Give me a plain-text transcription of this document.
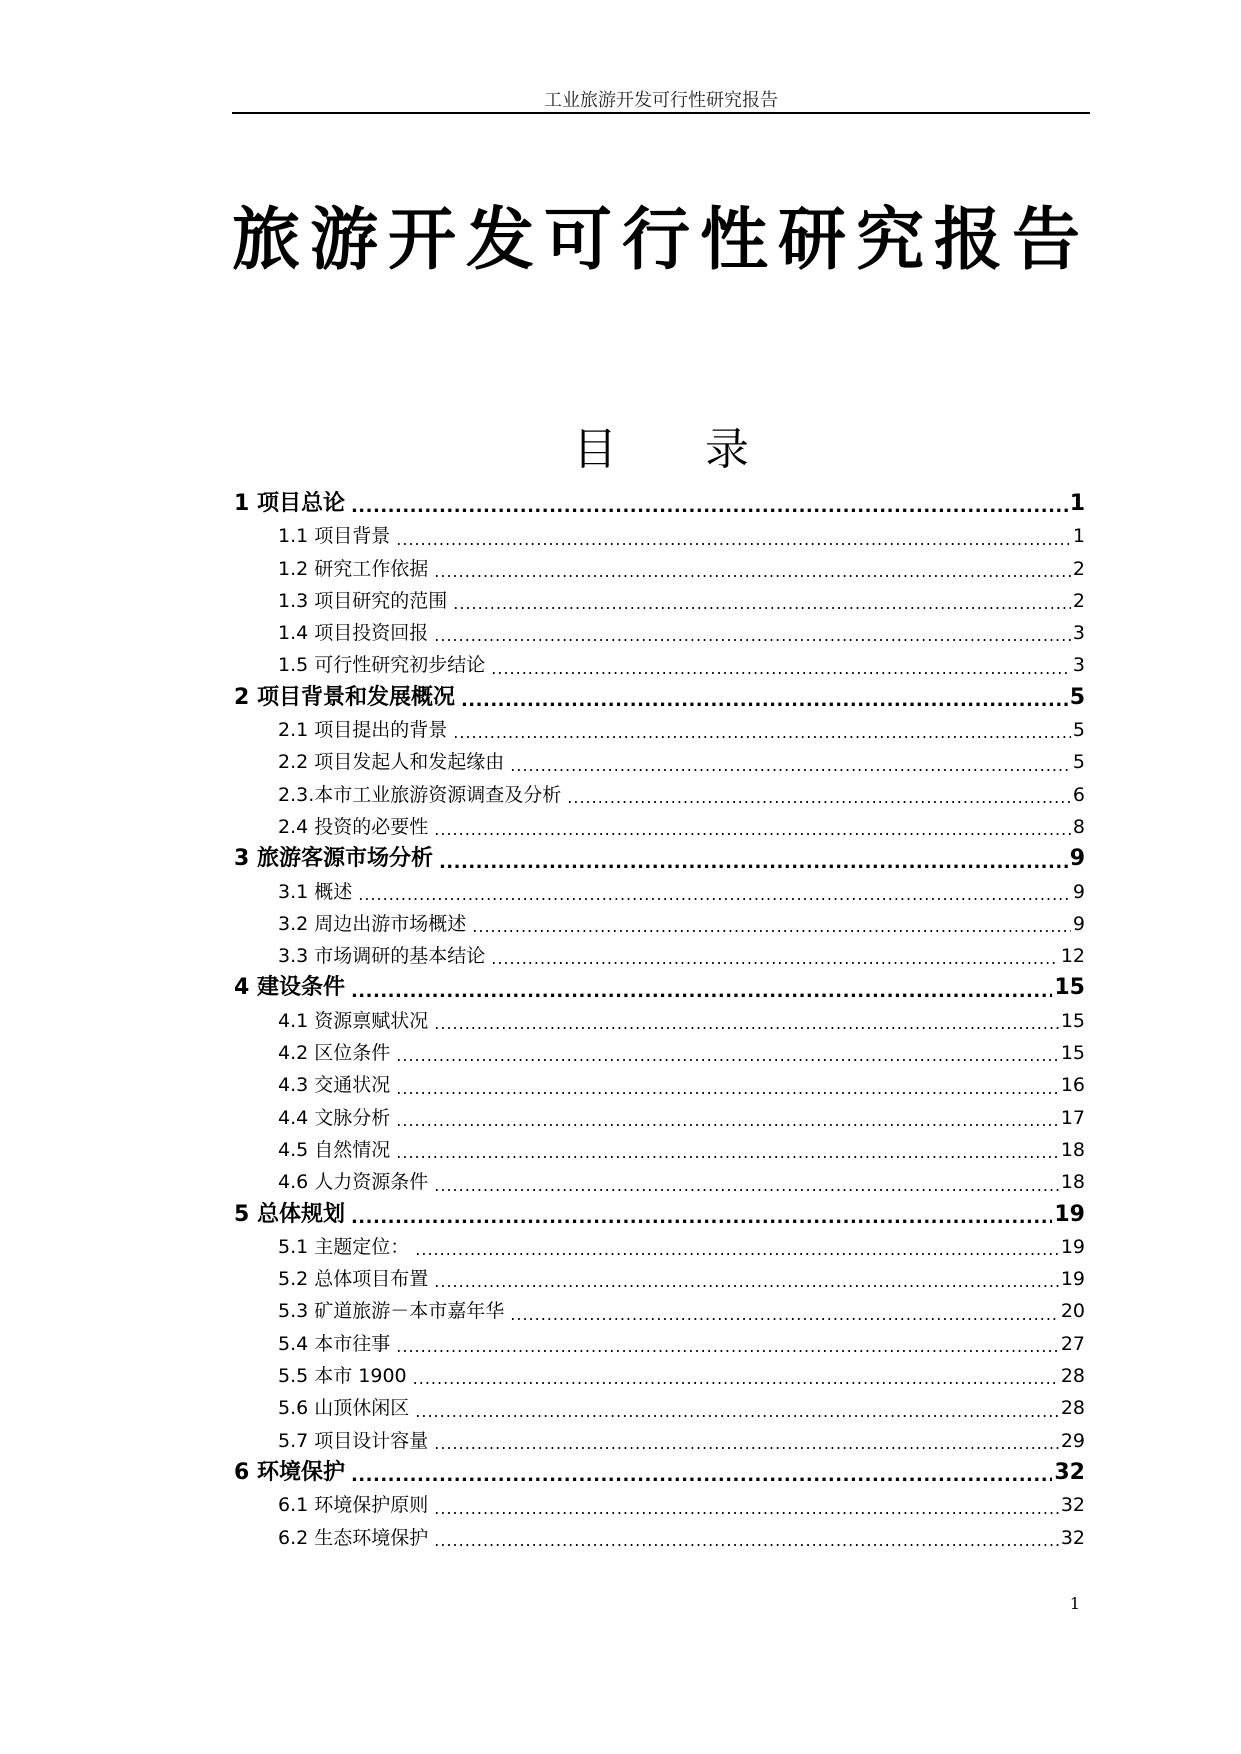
工业旅游开发可行性研究报告
旅游开发可行性研究报告
目　　录
1 项目总论 .....	1
1.1 项目背景 .....	1
1.2 研究工作依据 .....	2
1.3 项目研究的范围 .....	2
1.4 项目投资回报 .....	3
1.5 可行性研究初步结论 .....	3
2 项目背景和发展概况 .....	5
2.1 项目提出的背景 .....	5
2.2 项目发起人和发起缘由 .....	5
2.3.本市工业旅游资源调查及分析 .....	6
2.4 投资的必要性 .....	8
3 旅游客源市场分析 .....	9
3.1 概述 .....	9
3.2 周边出游市场概述 .....	9
3.3 市场调研的基本结论 .....	12
4 建设条件 .....	15
4.1 资源禀赋状况 .....	15
4.2 区位条件 .....	15
4.3 交通状况 .....	16
4.4 文脉分析 .....	17
4.5 自然情况 .....	18
4.6 人力资源条件 .....	18
5 总体规划 .....	19
5.1 主题定位： .....	19
5.2 总体项目布置 .....	19
5.3 矿道旅游－本市嘉年华 .....	20
5.4 本市往事 .....	27
5.5 本市 1900 .....	28
5.6 山顶休闲区 .....	28
5.7 项目设计容量 .....	29
6 环境保护 .....	32
6.1 环境保护原则 .....	32
6.2 生态环境保护 .....	32
1
